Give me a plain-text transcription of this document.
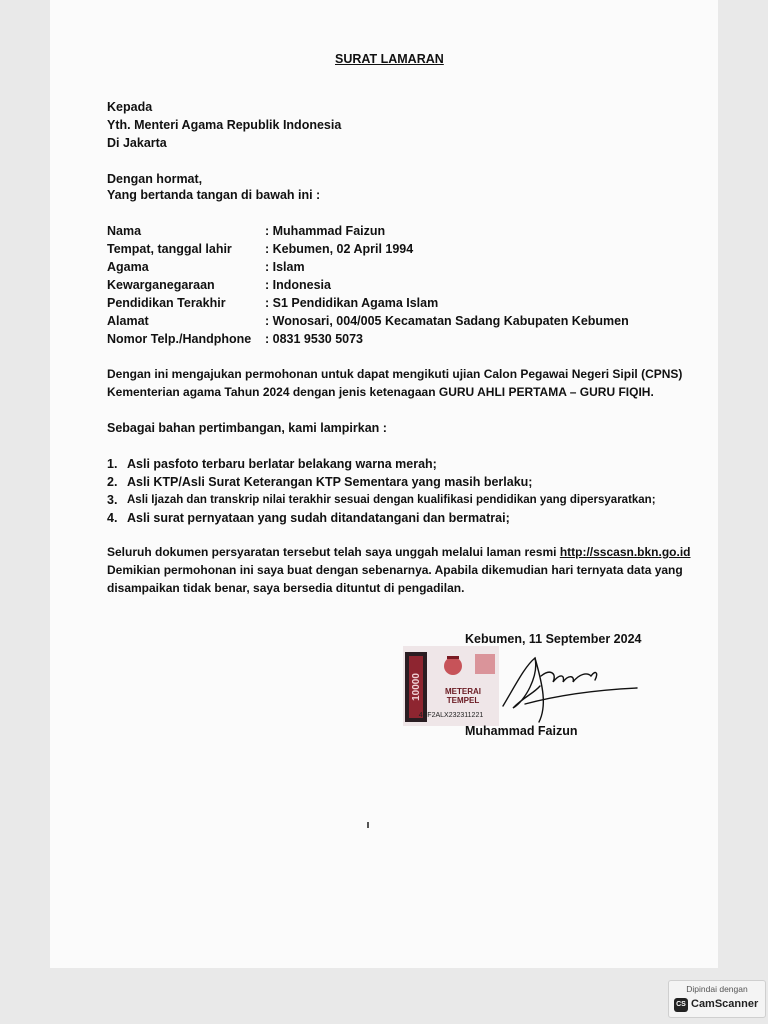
SURAT LAMARAN
Kepada
Yth. Menteri Agama Republik Indonesia
Di Jakarta
Dengan hormat,
Yang bertanda tangan di bawah ini :
Nama	: Muhammad Faizun
Tempat, tanggal lahir	: Kebumen, 02 April 1994
Agama	: Islam
Kewarganegaraan	: Indonesia
Pendidikan Terakhir	: S1 Pendidikan Agama Islam
Alamat	: Wonosari, 004/005 Kecamatan Sadang Kabupaten Kebumen
Nomor Telp./Handphone : 0831 9530 5073
Dengan ini mengajukan permohonan untuk dapat mengikuti ujian Calon Pegawai Negeri Sipil (CPNS)
Kementerian agama Tahun 2024 dengan jenis ketenagaan GURU AHLI PERTAMA – GURU FIQIH.
Sebagai bahan pertimbangan, kami lampirkan :
1. Asli pasfoto terbaru berlatar belakang warna merah;
2. Asli KTP/Asli Surat Keterangan KTP Sementara yang masih berlaku;
3. Asli Ijazah dan transkrip nilai terakhir sesuai dengan kualifikasi pendidikan yang dipersyaratkan;
4. Asli surat pernyataan yang sudah ditandatangani dan bermatrai;
Seluruh dokumen persyaratan tersebut telah saya unggah melalui laman resmi http://sscasn.bkn.go.id
Demikian permohonan ini saya buat dengan sebenarnya. Apabila dikemudian hari ternyata data yang
disampaikan tidak benar, saya bersedia dituntut di pengadilan.
Kebumen, 11 September 2024
10000	METERAI
TEMPEL
4EF2ALX232311221
Muhammad Faizun
Dipindai dengan
CS CamScanner
